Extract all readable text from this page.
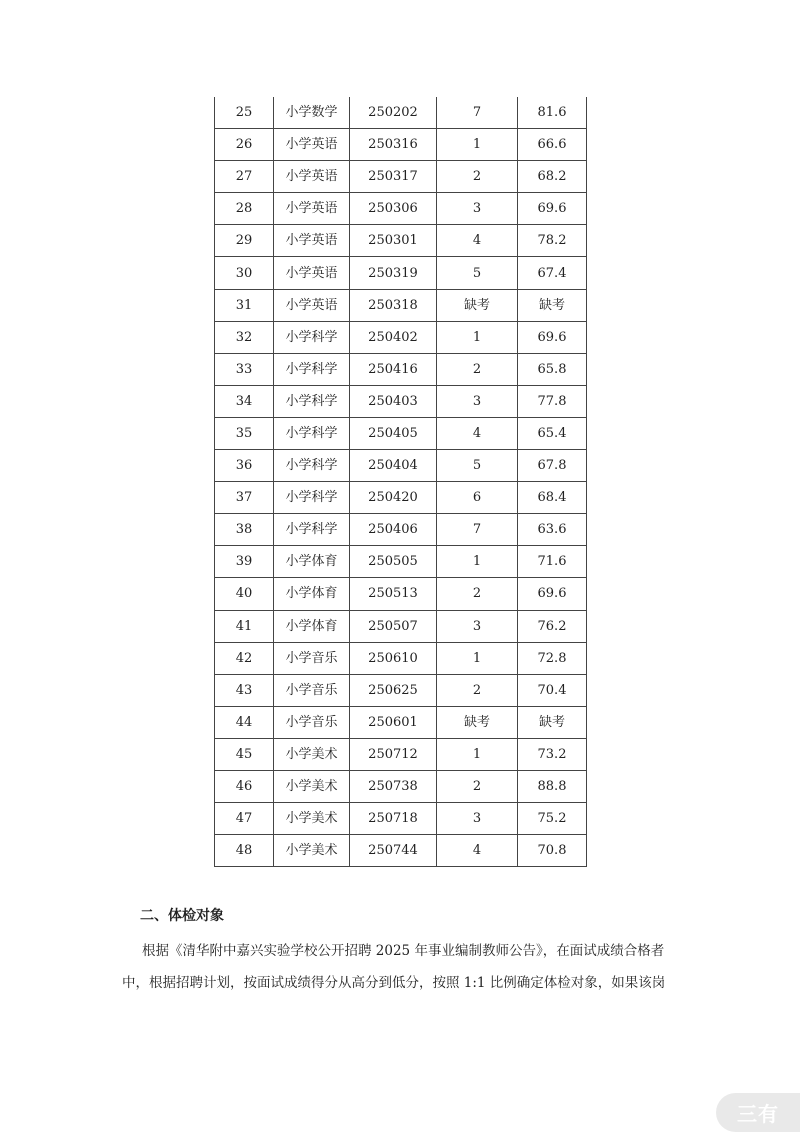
25	小学数学	250202	7	81.6
26	小学英语	250316	1	66.6
27	小学英语	250317	2	68.2
28	小学英语	250306	3	69.6
29	小学英语	250301	4	78.2
30	小学英语	250319	5	67.4
31	小学英语	250318	缺考	缺考
32	小学科学	250402	1	69.6
33	小学科学	250416	2	65.8
34	小学科学	250403	3	77.8
35	小学科学	250405	4	65.4
36	小学科学	250404	5	67.8
37	小学科学	250420	6	68.4
38	小学科学	250406	7	63.6
39	小学体育	250505	1	71.6
40	小学体育	250513	2	69.6
41	小学体育	250507	3	76.2
42	小学音乐	250610	1	72.8
43	小学音乐	250625	2	70.4
44	小学音乐	250601	缺考	缺考
45	小学美术	250712	1	73.2
46	小学美术	250738	2	88.8
47	小学美术	250718	3	75.2
48	小学美术	250744	4	70.8
二、体检对象

根据《清华附中嘉兴实验学校公开招聘 2025 年事业编制教师公告》，在面试成绩合格者

中，根据招聘计划，按面试成绩得分从高分到低分，按照 1:1 比例确定体检对象，如果该岗

三有
